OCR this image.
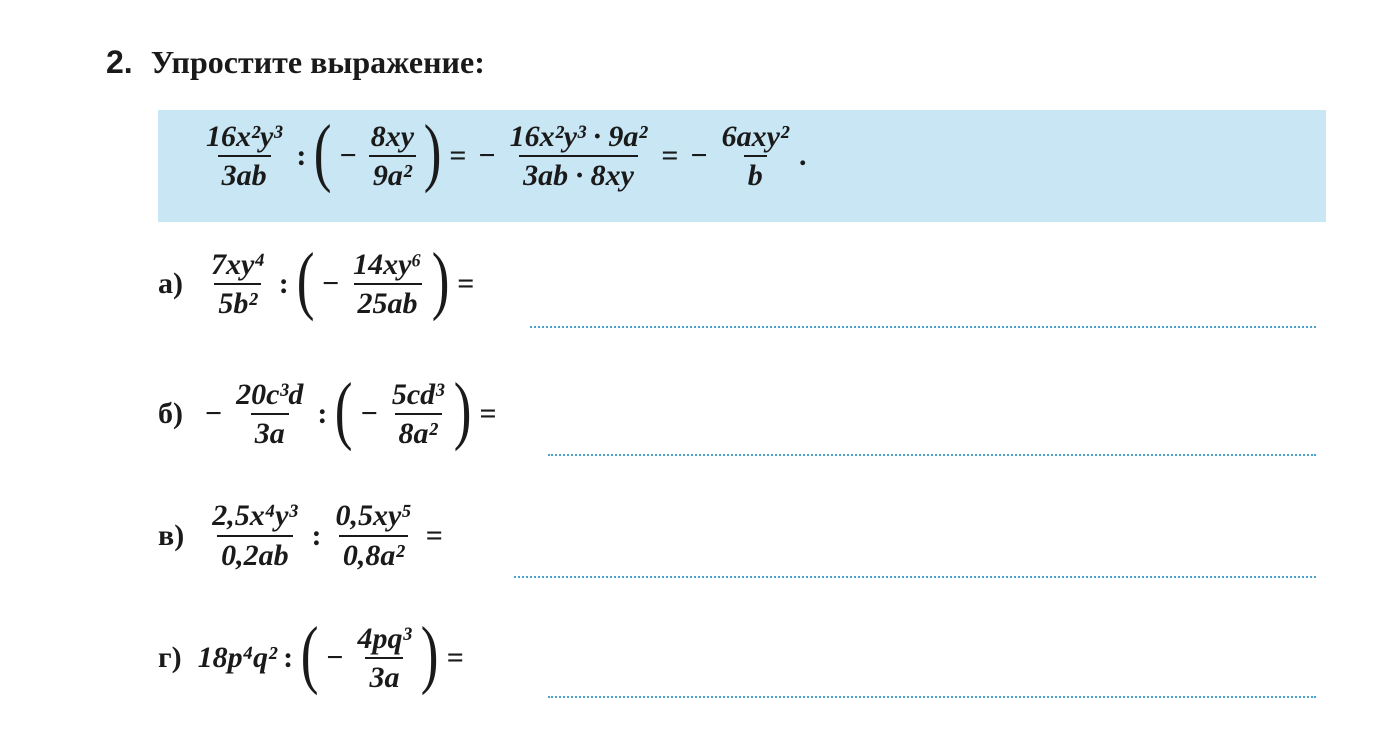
2. Упростите выражение:
$\frac{\text{16x²y³}}{3ab}$ : ( − $\frac{8xy}{\text{9a²}}$ ) = − $\frac{\text{16x²y³ · 9a²}}{3ab \cdot 8xy}$ = − $\frac{\text{6axy²}}{b}$ .
$а) \frac{\text{7xy⁴}}{\text{5b²}}$ : ( − $\frac{\text{14xy⁶}}{25ab}$ ) =
$б) - \frac{\text{20c³d}}{3a}$ : ( − $\frac{\text{5cd³}}{\text{8a²}}$ ) =
$в) \frac{\text{2,5x⁴y³}}{0,2ab}$ : $\frac{\text{0,5xy⁵}}{\text{0,8a²}}$ =
г) 18p⁴q² : ( − $\frac{\text{4pq³}}{3a}$ ) =
